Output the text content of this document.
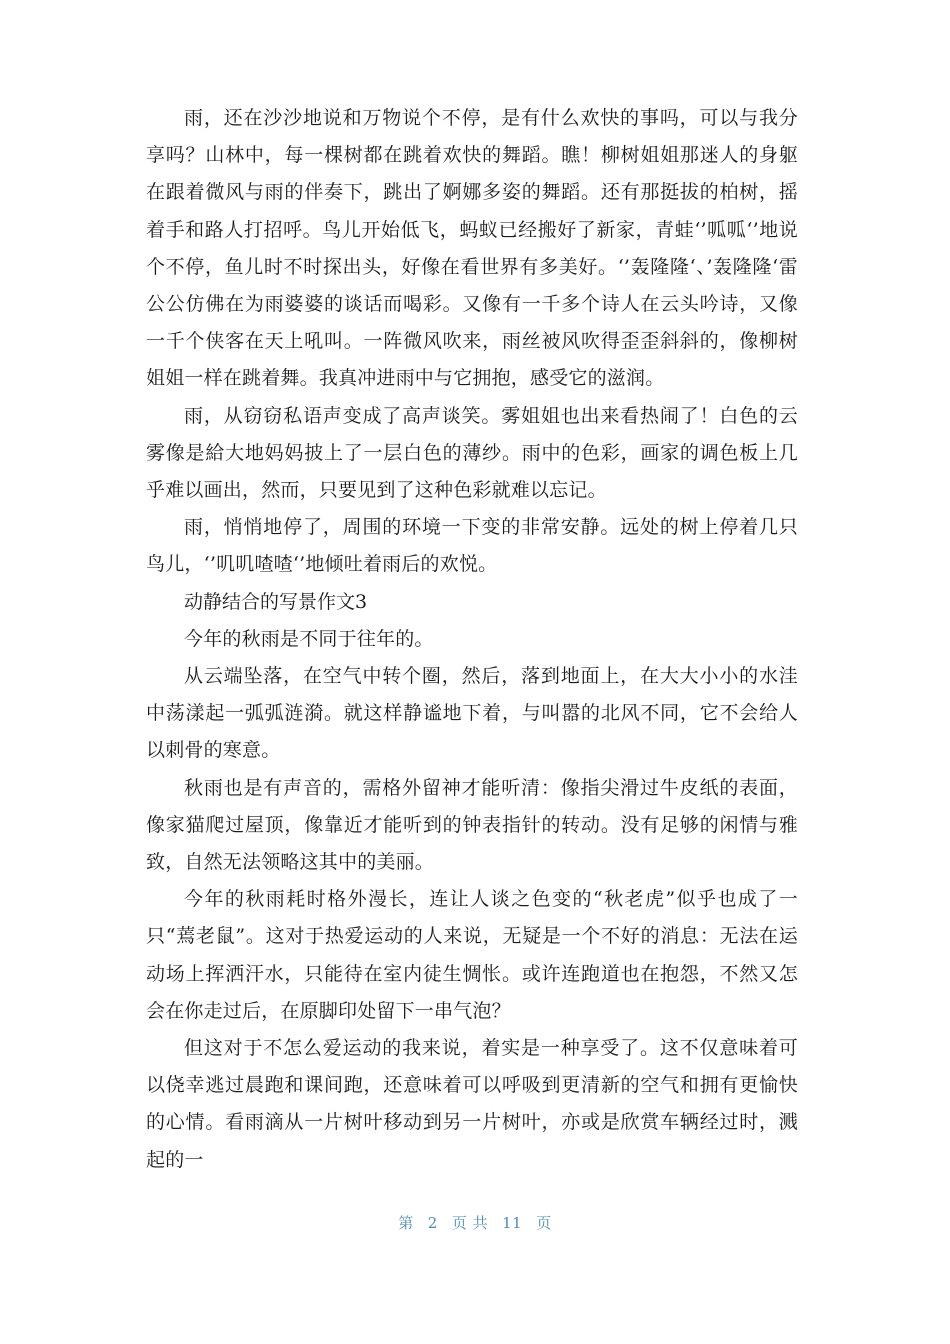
雨，还在沙沙地说和万物说个不停，是有什么欢快的事吗，可以与我分享吗？山林中，每一棵树都在跳着欢快的舞蹈。瞧！柳树姐姐那迷人的身躯在跟着微风与雨的伴奏下，跳出了婀娜多姿的舞蹈。还有那挺拔的柏树，摇着手和路人打招呼。鸟儿开始低飞，蚂蚁已经搬好了新家，青蛙‘’呱呱‘’地说个不停，鱼儿时不时探出头，好像在看世界有多美好。‘’轰隆隆‘、’轰隆隆‘雷公公仿佛在为雨婆婆的谈话而喝彩。又像有一千多个诗人在云头吟诗，又像一千个侠客在天上吼叫。一阵微风吹来，雨丝被风吹得歪歪斜斜的，像柳树姐姐一样在跳着舞。我真冲进雨中与它拥抱，感受它的滋润。

雨，从窃窃私语声变成了高声谈笑。雾姐姐也出来看热闹了！白色的云雾像是給大地妈妈披上了一层白色的薄纱。雨中的色彩，画家的调色板上几乎难以画出，然而，只要见到了这种色彩就难以忘记。

雨，悄悄地停了，周围的环境一下变的非常安静。远处的树上停着几只鸟儿，‘’叽叽喳喳‘’地倾吐着雨后的欢悦。

动静结合的写景作文3

今年的秋雨是不同于往年的。

从云端坠落，在空气中转个圈，然后，落到地面上，在大大小小的水洼中荡漾起一弧弧涟漪。就这样静谧地下着，与叫嚣的北风不同，它不会给人以刺骨的寒意。

秋雨也是有声音的，需格外留神才能听清：像指尖滑过牛皮纸的表面，像家猫爬过屋顶，像靠近才能听到的钟表指针的转动。没有足够的闲情与雅致，自然无法领略这其中的美丽。

今年的秋雨耗时格外漫长，连让人谈之色变的“秋老虎”似乎也成了一只“蔫老鼠”。这对于热爱运动的人来说，无疑是一个不好的消息：无法在运动场上挥洒汗水，只能待在室内徒生惆怅。或许连跑道也在抱怨，不然又怎会在你走过后，在原脚印处留下一串气泡？

但这对于不怎么爱运动的我来说，着实是一种享受了。这不仅意味着可以侥幸逃过晨跑和课间跑，还意味着可以呼吸到更清新的空气和拥有更愉快的心情。看雨滴从一片树叶移动到另一片树叶，亦或是欣赏车辆经过时，溅起的一

第 2 页 共 11 页
